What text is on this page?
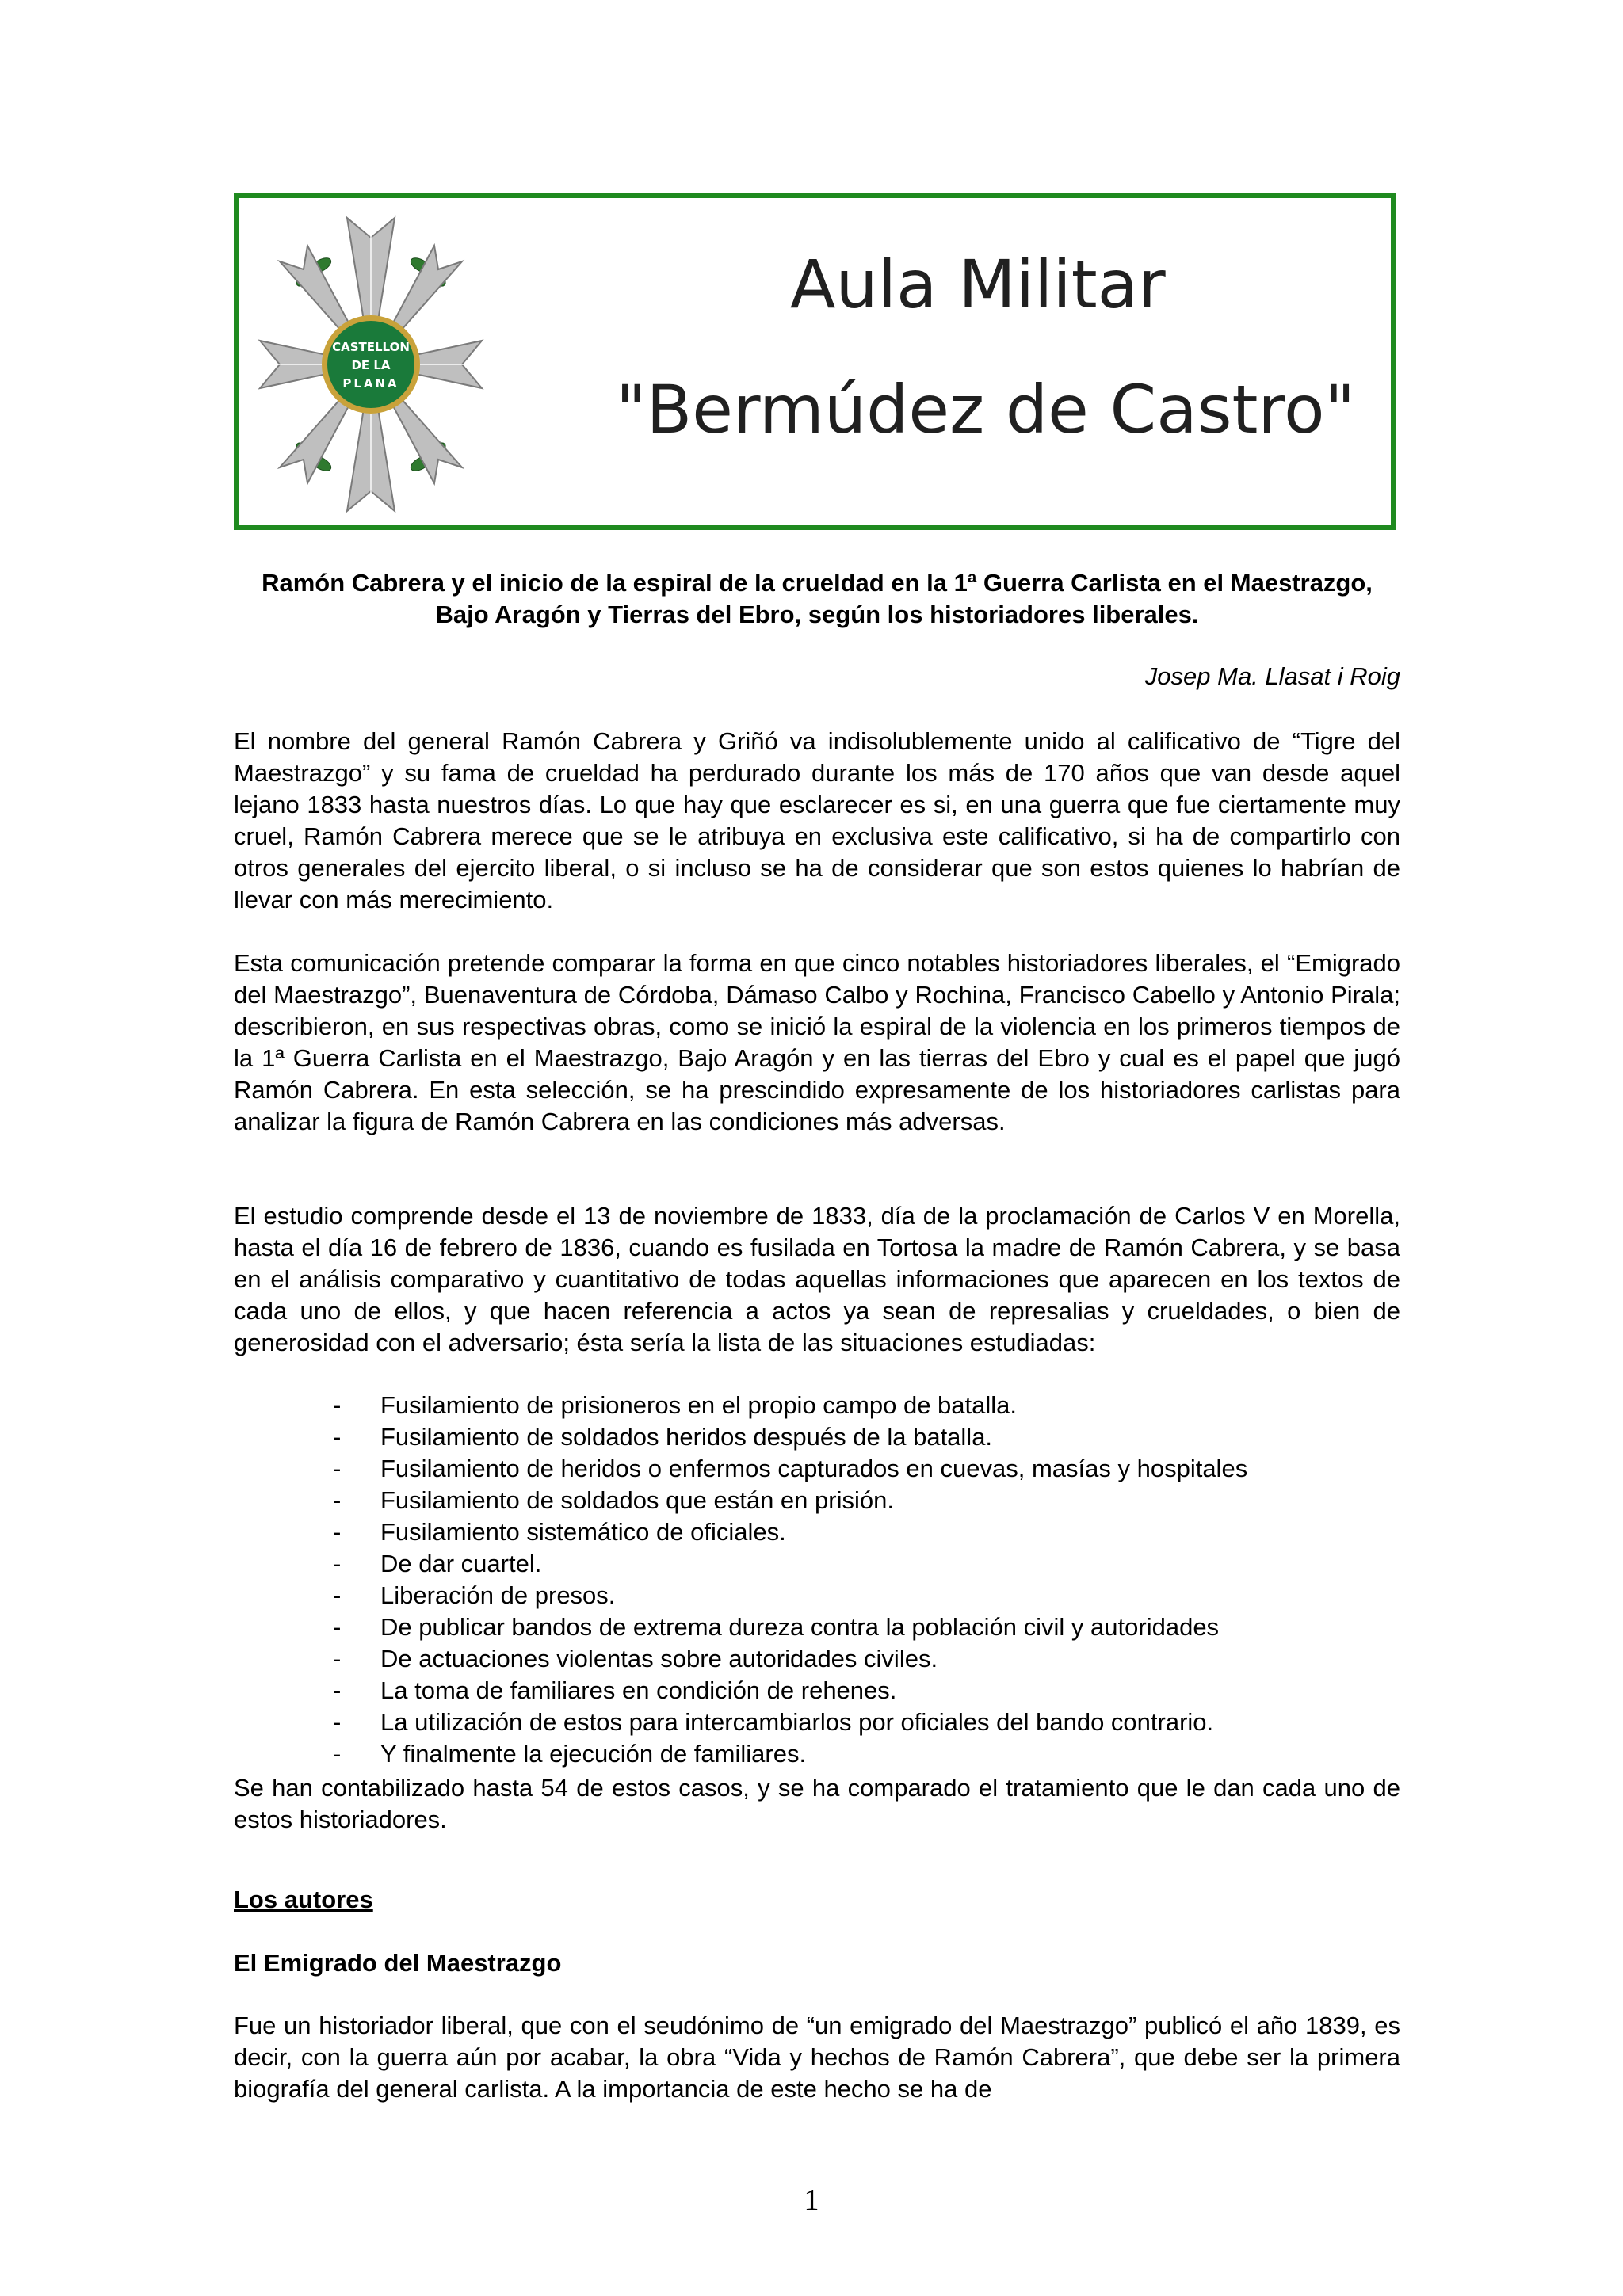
CASTELLON
DE LA
PLANA
Aula Militar
"Bermúdez de Castro"
Ramón Cabrera y el inicio de la espiral de la crueldad en la 1ª Guerra Carlista en el Maestrazgo, Bajo Aragón y Tierras del Ebro, según los historiadores liberales.
Josep Ma. Llasat i Roig
El nombre del general Ramón Cabrera y Griñó va indisolublemente unido al calificativo de “Tigre del Maestrazgo” y su fama de crueldad ha perdurado durante los más de 170 años que van desde aquel lejano 1833 hasta nuestros días. Lo que hay que esclarecer es si, en una guerra que fue ciertamente muy cruel, Ramón Cabrera merece que se le atribuya en exclusiva este calificativo, si ha de compartirlo con otros generales del ejercito liberal, o si incluso se ha de considerar que son estos quienes lo habrían de llevar con más merecimiento.
Esta comunicación pretende comparar la forma en que cinco notables historiadores liberales, el “Emigrado del Maestrazgo”, Buenaventura de Córdoba, Dámaso Calbo y Rochina, Francisco Cabello y Antonio Pirala; describieron, en sus respectivas obras, como se inició la espiral de la violencia en los primeros tiempos de la 1ª Guerra Carlista en el Maestrazgo, Bajo Aragón y en las tierras del Ebro y cual es el papel que jugó Ramón Cabrera. En esta selección, se ha prescindido expresamente de los historiadores carlistas para analizar la figura de Ramón Cabrera en las condiciones más adversas.
El estudio comprende desde el 13 de noviembre de 1833, día de la proclamación de Carlos V en Morella, hasta el día 16 de febrero de 1836, cuando es fusilada en Tortosa la madre de Ramón Cabrera, y se basa en el análisis comparativo y cuantitativo de todas aquellas informaciones que aparecen en los textos de cada uno de ellos, y que hacen referencia a actos ya sean de represalias y crueldades, o bien de generosidad con el adversario; ésta sería la lista de las situaciones estudiadas:
- Fusilamiento de prisioneros en el propio campo de batalla.
- Fusilamiento de soldados heridos después de la batalla.
- Fusilamiento de heridos o enfermos capturados en cuevas, masías y hospitales
- Fusilamiento de soldados que están en prisión.
- Fusilamiento sistemático de oficiales.
- De dar cuartel.
- Liberación de presos.
- De publicar bandos de extrema dureza contra la población civil y autoridades
- De actuaciones violentas sobre autoridades civiles.
- La toma de familiares en condición de rehenes.
- La utilización de estos para intercambiarlos por oficiales del bando contrario.
- Y finalmente la ejecución de familiares.
Se han contabilizado hasta 54 de estos casos, y se ha comparado el tratamiento que le dan cada uno de estos historiadores.
Los autores
El Emigrado del Maestrazgo
Fue un historiador liberal, que con el seudónimo de “un emigrado del Maestrazgo” publicó el año 1839, es decir, con la guerra aún por acabar, la obra “Vida y hechos de Ramón Cabrera”, que debe ser la primera biografía del general carlista. A la importancia de este hecho se ha de
1
